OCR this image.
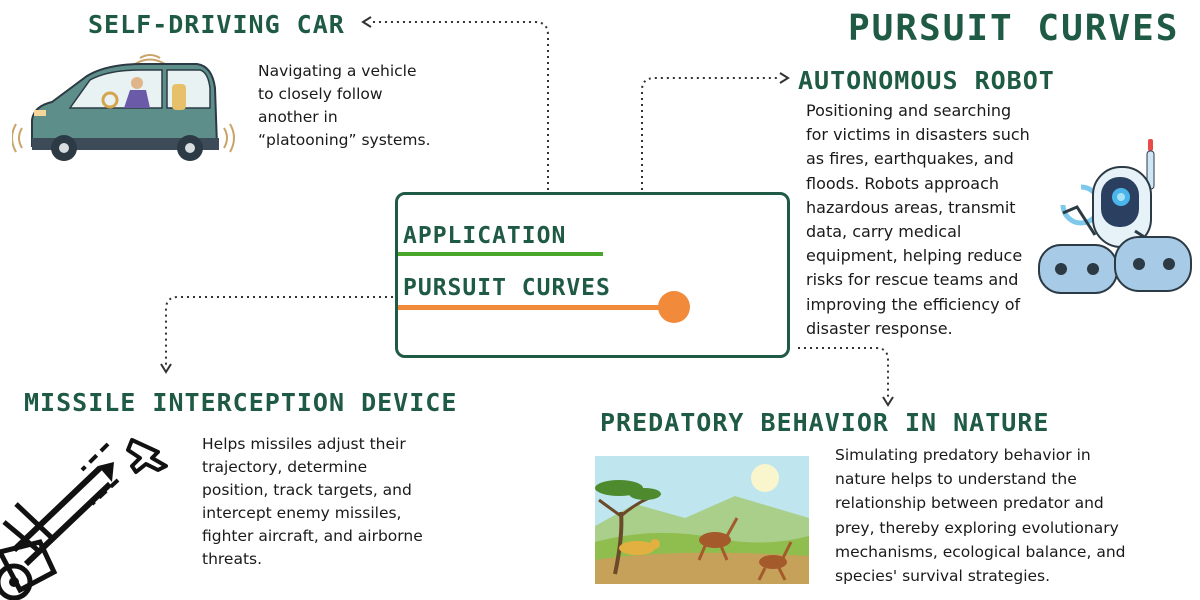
PURSUIT CURVES
SELF-DRIVING CAR

Navigating a vehicle to closely follow another in “platooning” systems.

AUTONOMOUS ROBOT

Positioning and searching for victims in disasters such as fires, earthquakes, and floods. Robots approach hazardous areas, transmit data, carry medical equipment, helping reduce risks for rescue teams and improving the efficiency of disaster response.

APPLICATION
PURSUIT CURVES
MISSILE INTERCEPTION DEVICE

Helps missiles adjust their trajectory, determine position, track targets, and intercept enemy missiles, fighter aircraft, and airborne threats.

PREDATORY BEHAVIOR IN NATURE

Simulating predatory behavior in nature helps to understand the relationship between predator and prey, thereby exploring evolutionary mechanisms, ecological balance, and species' survival strategies.
